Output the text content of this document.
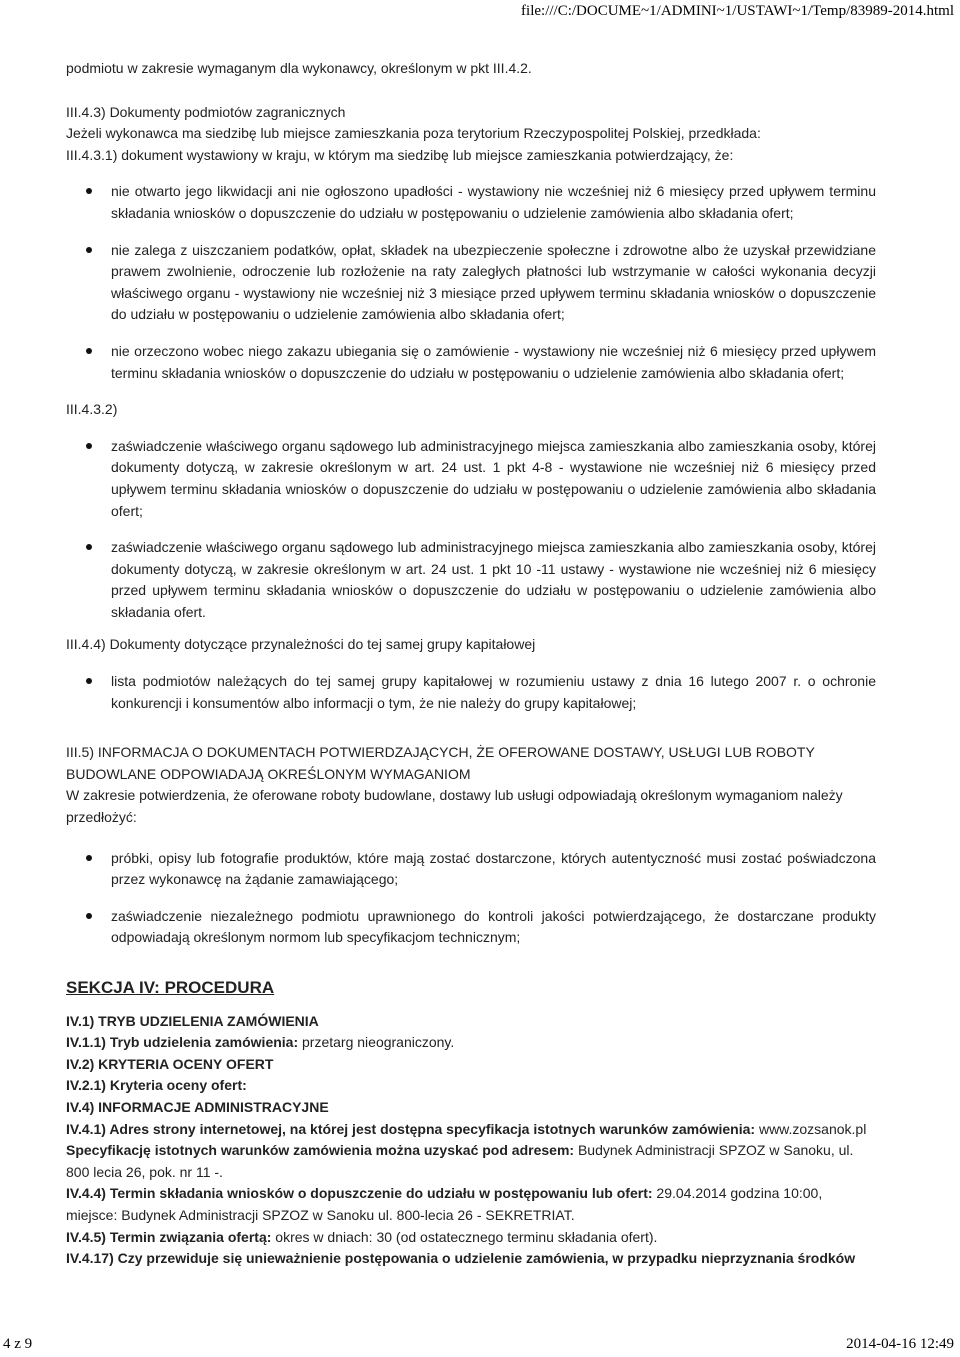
file:///C:/DOCUME~1/ADMINI~1/USTAWI~1/Temp/83989-2014.html

podmiotu w zakresie wymaganym dla wykonawcy, określonym w pkt III.4.2.

III.4.3) Dokumenty podmiotów zagranicznych

Jeżeli wykonawca ma siedzibę lub miejsce zamieszkania poza terytorium Rzeczypospolitej Polskiej, przedkłada:

III.4.3.1) dokument wystawiony w kraju, w którym ma siedzibę lub miejsce zamieszkania potwierdzający, że:

nie otwarto jego likwidacji ani nie ogłoszono upadłości - wystawiony nie wcześniej niż 6 miesięcy przed upływem terminu składania wniosków o dopuszczenie do udziału w postępowaniu o udzielenie zamówienia albo składania ofert;
nie zalega z uiszczaniem podatków, opłat, składek na ubezpieczenie społeczne i zdrowotne albo że uzyskał przewidziane prawem zwolnienie, odroczenie lub rozłożenie na raty zaległych płatności lub wstrzymanie w całości wykonania decyzji właściwego organu - wystawiony nie wcześniej niż 3 miesiące przed upływem terminu składania wniosków o dopuszczenie do udziału w postępowaniu o udzielenie zamówienia albo składania ofert;
nie orzeczono wobec niego zakazu ubiegania się o zamówienie - wystawiony nie wcześniej niż 6 miesięcy przed upływem terminu składania wniosków o dopuszczenie do udziału w postępowaniu o udzielenie zamówienia albo składania ofert;

III.4.3.2)

zaświadczenie właściwego organu sądowego lub administracyjnego miejsca zamieszkania albo zamieszkania osoby, której dokumenty dotyczą, w zakresie określonym w art. 24 ust. 1 pkt 4-8 - wystawione nie wcześniej niż 6 miesięcy przed upływem terminu składania wniosków o dopuszczenie do udziału w postępowaniu o udzielenie zamówienia albo składania ofert;
zaświadczenie właściwego organu sądowego lub administracyjnego miejsca zamieszkania albo zamieszkania osoby, której dokumenty dotyczą, w zakresie określonym w art. 24 ust. 1 pkt 10 -11 ustawy - wystawione nie wcześniej niż 6 miesięcy przed upływem terminu składania wniosków o dopuszczenie do udziału w postępowaniu o udzielenie zamówienia albo składania ofert.

III.4.4) Dokumenty dotyczące przynależności do tej samej grupy kapitałowej

lista podmiotów należących do tej samej grupy kapitałowej w rozumieniu ustawy z dnia 16 lutego 2007 r. o ochronie konkurencji i konsumentów albo informacji o tym, że nie należy do grupy kapitałowej;

III.5) INFORMACJA O DOKUMENTACH POTWIERDZAJĄCYCH, ŻE OFEROWANE DOSTAWY, USŁUGI LUB ROBOTY BUDOWLANE ODPOWIADAJĄ OKREŚLONYM WYMAGANIOM

W zakresie potwierdzenia, że oferowane roboty budowlane, dostawy lub usługi odpowiadają określonym wymaganiom należy przedłożyć:

próbki, opisy lub fotografie produktów, które mają zostać dostarczone, których autentyczność musi zostać poświadczona przez wykonawcę na żądanie zamawiającego;
zaświadczenie niezależnego podmiotu uprawnionego do kontroli jakości potwierdzającego, że dostarczane produkty odpowiadają określonym normom lub specyfikacjom technicznym;

SEKCJA IV: PROCEDURA

IV.1) TRYB UDZIELENIA ZAMÓWIENIA

IV.1.1) Tryb udzielenia zamówienia: przetarg nieograniczony.

IV.2) KRYTERIA OCENY OFERT

IV.2.1) Kryteria oceny ofert:

IV.4) INFORMACJE ADMINISTRACYJNE

IV.4.1) Adres strony internetowej, na której jest dostępna specyfikacja istotnych warunków zamówienia: www.zozsanok.pl

Specyfikację istotnych warunków zamówienia można uzyskać pod adresem: Budynek Administracji SPZOZ w Sanoku, ul. 800 lecia 26, pok. nr 11 -.

IV.4.4) Termin składania wniosków o dopuszczenie do udziału w postępowaniu lub ofert: 29.04.2014 godzina 10:00, miejsce: Budynek Administracji SPZOZ w Sanoku ul. 800-lecia 26 - SEKRETRIAT.

IV.4.5) Termin związania ofertą: okres w dniach: 30 (od ostatecznego terminu składania ofert).

IV.4.17) Czy przewiduje się unieważnienie postępowania o udzielenie zamówienia, w przypadku nieprzyznania środków

4 z 9	2014-04-16 12:49
